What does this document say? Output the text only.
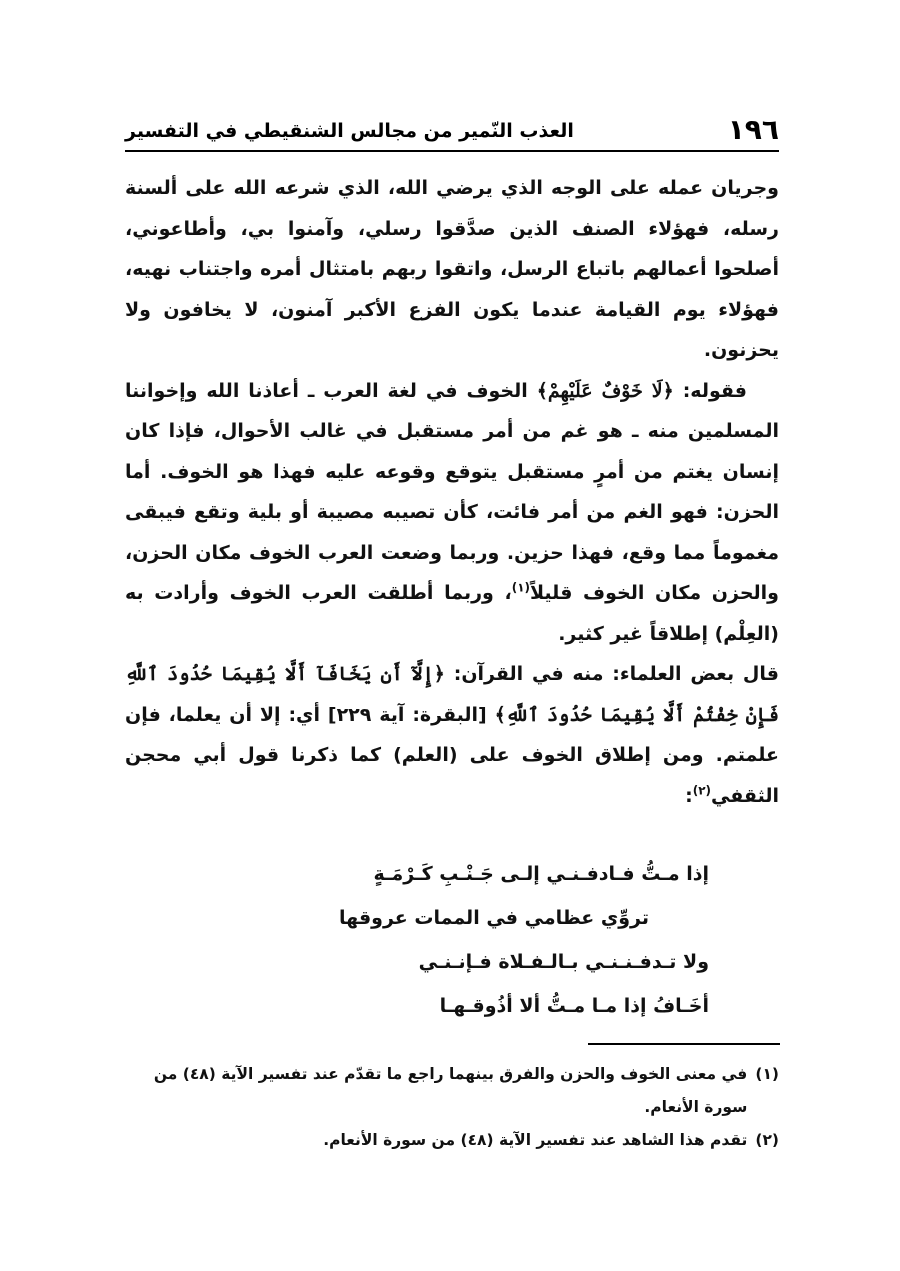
١٩٦
العذب النّمير من مجالس الشنقيطي في التفسير

وجريان عمله على الوجه الذي يرضي الله، الذي شرعه الله على ألسنة رسله، فهؤلاء الصنف الذين صدَّقوا رسلي، وآمنوا بي، وأطاعوني، أصلحوا أعمالهم باتباع الرسل، واتقوا ربهم بامتثال أمره واجتناب نهيه، فهؤلاء يوم القيامة عندما يكون الفزع الأكبر آمنون، لا يخافون ولا يحزنون.

فقوله: ﴿لَا خَوْفٌ عَلَيْهِمْ﴾ الخوف في لغة العرب ـ أعاذنا الله وإخواننا المسلمين منه ـ هو غم من أمر مستقبل في غالب الأحوال، فإذا كان إنسان يغتم من أمرٍ مستقبل يتوقع وقوعه عليه فهذا هو الخوف. أما الحزن: فهو الغم من أمر فائت، كأن تصيبه مصيبة أو بلية وتقع فيبقى مغموماً مما وقع، فهذا حزين. وربما وضعت العرب الخوف مكان الحزن، والحزن مكان الخوف قليلاً$^{(١)}$، وربما أطلقت العرب الخوف وأرادت به (العِلْم) إطلاقاً غير كثير.

قال بعض العلماء: منه في القرآن: ﴿إِلَّآ أَن يَخَافَآ أَلَّا يُقِيمَا حُدُودَ ٱللَّهِ فَإِنْ خِفْتُمْ أَلَّا يُقِيمَا حُدُودَ ٱللَّهِ﴾ [البقرة: آية ٢٢٩] أي: إلا أن يعلما، فإن علمتم. ومن إطلاق الخوف على (العلم) كما ذكرنا قول أبي محجن الثقفي$^{(٢)}$:

إذا مـتُّ فـادفـنـي إلـى جَـنْـبِ كَـرْمَـةٍ
تروِّي عظامي في الممات عروقها
ولا تـدفـنـنـي بـالـفـلاة فـإنـنـي
أخَـافُ إذا مـا مـتُّ ألا أذُوقـهـا
(١)
في معنى الخوف والحزن والفرق بينهما راجع ما تقدّم عند تفسير الآية (٤٨) من سورة الأنعام.
(٢)
تقدم هذا الشاهد عند تفسير الآية (٤٨) من سورة الأنعام.
